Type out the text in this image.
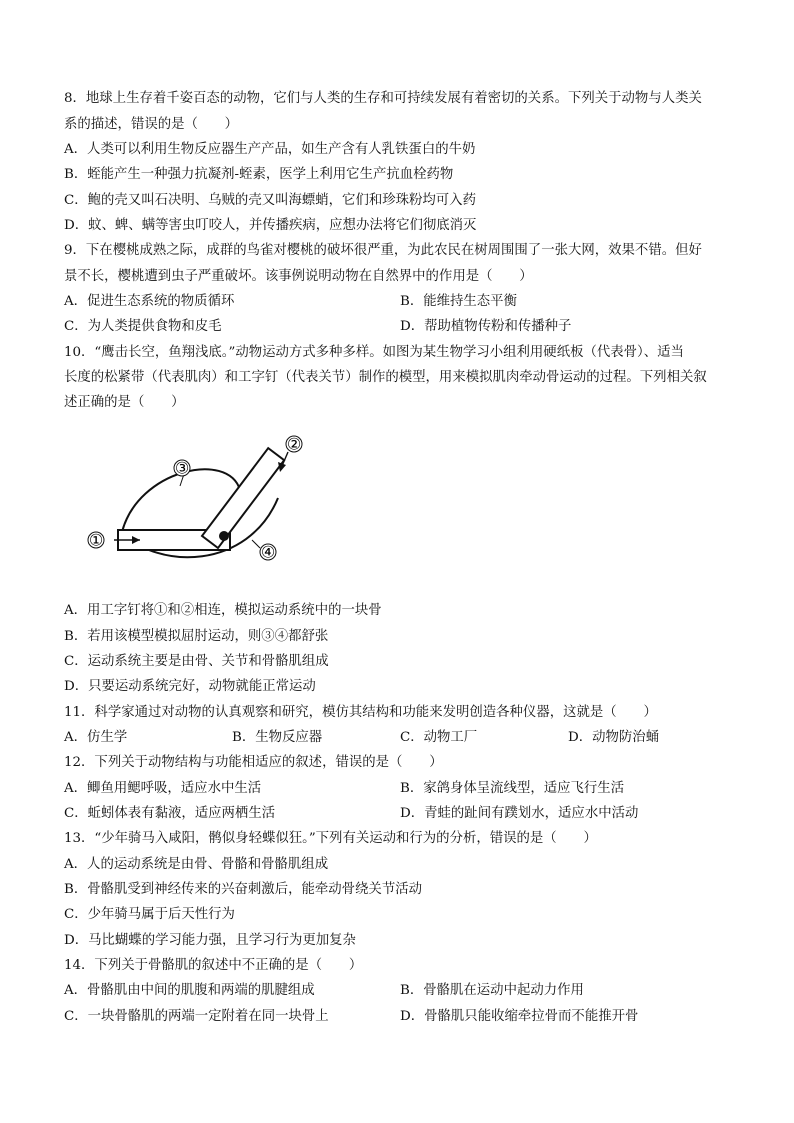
8．地球上生存着千姿百态的动物，它们与人类的生存和可持续发展有着密切的关系。下列关于动物与人类关
系的描述，错误的是（　　）
A．人类可以利用生物反应器生产产品，如生产含有人乳铁蛋白的牛奶
B．蛭能产生一种强力抗凝剂-蛭素，医学上利用它生产抗血栓药物
C．鲍的壳又叫石决明、乌贼的壳又叫海螵蛸，它们和珍珠粉均可入药
D．蚊、蜱、螨等害虫叮咬人，并传播疾病，应想办法将它们彻底消灭
9．下在樱桃成熟之际，成群的鸟雀对樱桃的破坏很严重，为此农民在树周围围了一张大网，效果不错。但好
景不长，樱桃遭到虫子严重破坏。该事例说明动物在自然界中的作用是（　　）
A．促进生态系统的物质循环	B．能维持生态平衡
C．为人类提供食物和皮毛	D．帮助植物传粉和传播种子
10．“鹰击长空，鱼翔浅底。”动物运动方式多种多样。如图为某生物学习小组利用硬纸板（代表骨）、适当
长度的松紧带（代表肌肉）和工字钉（代表关节）制作的模型，用来模拟肌肉牵动骨运动的过程。下列相关叙
述正确的是（　　）
①
②
③
④
A．用工字钉将①和②相连，模拟运动系统中的一块骨
B．若用该模型模拟屈肘运动，则③④都舒张
C．运动系统主要是由骨、关节和骨骼肌组成
D．只要运动系统完好，动物就能正常运动
11．科学家通过对动物的认真观察和研究，模仿其结构和功能来发明创造各种仪器，这就是（　　）
A．仿生学	B．生物反应器	C．动物工厂	D．动物防治蛹
12．下列关于动物结构与功能相适应的叙述，错误的是（　　）
A．鲫鱼用鳃呼吸，适应水中生活	B．家鸽身体呈流线型，适应飞行生活
C．蚯蚓体表有黏液，适应两栖生活	D．青蛙的趾间有蹼划水，适应水中活动
13．“少年骑马入咸阳，鹘似身轻蝶似狂。”下列有关运动和行为的分析，错误的是（　　）
A．人的运动系统是由骨、骨骼和骨骼肌组成
B．骨骼肌受到神经传来的兴奋刺激后，能牵动骨绕关节活动
C．少年骑马属于后天性行为
D．马比蝴蝶的学习能力强，且学习行为更加复杂
14．下列关于骨骼肌的叙述中不正确的是（　　）
A．骨骼肌由中间的肌腹和两端的肌腱组成	B．骨骼肌在运动中起动力作用
C．一块骨骼肌的两端一定附着在同一块骨上	D．骨骼肌只能收缩牵拉骨而不能推开骨
